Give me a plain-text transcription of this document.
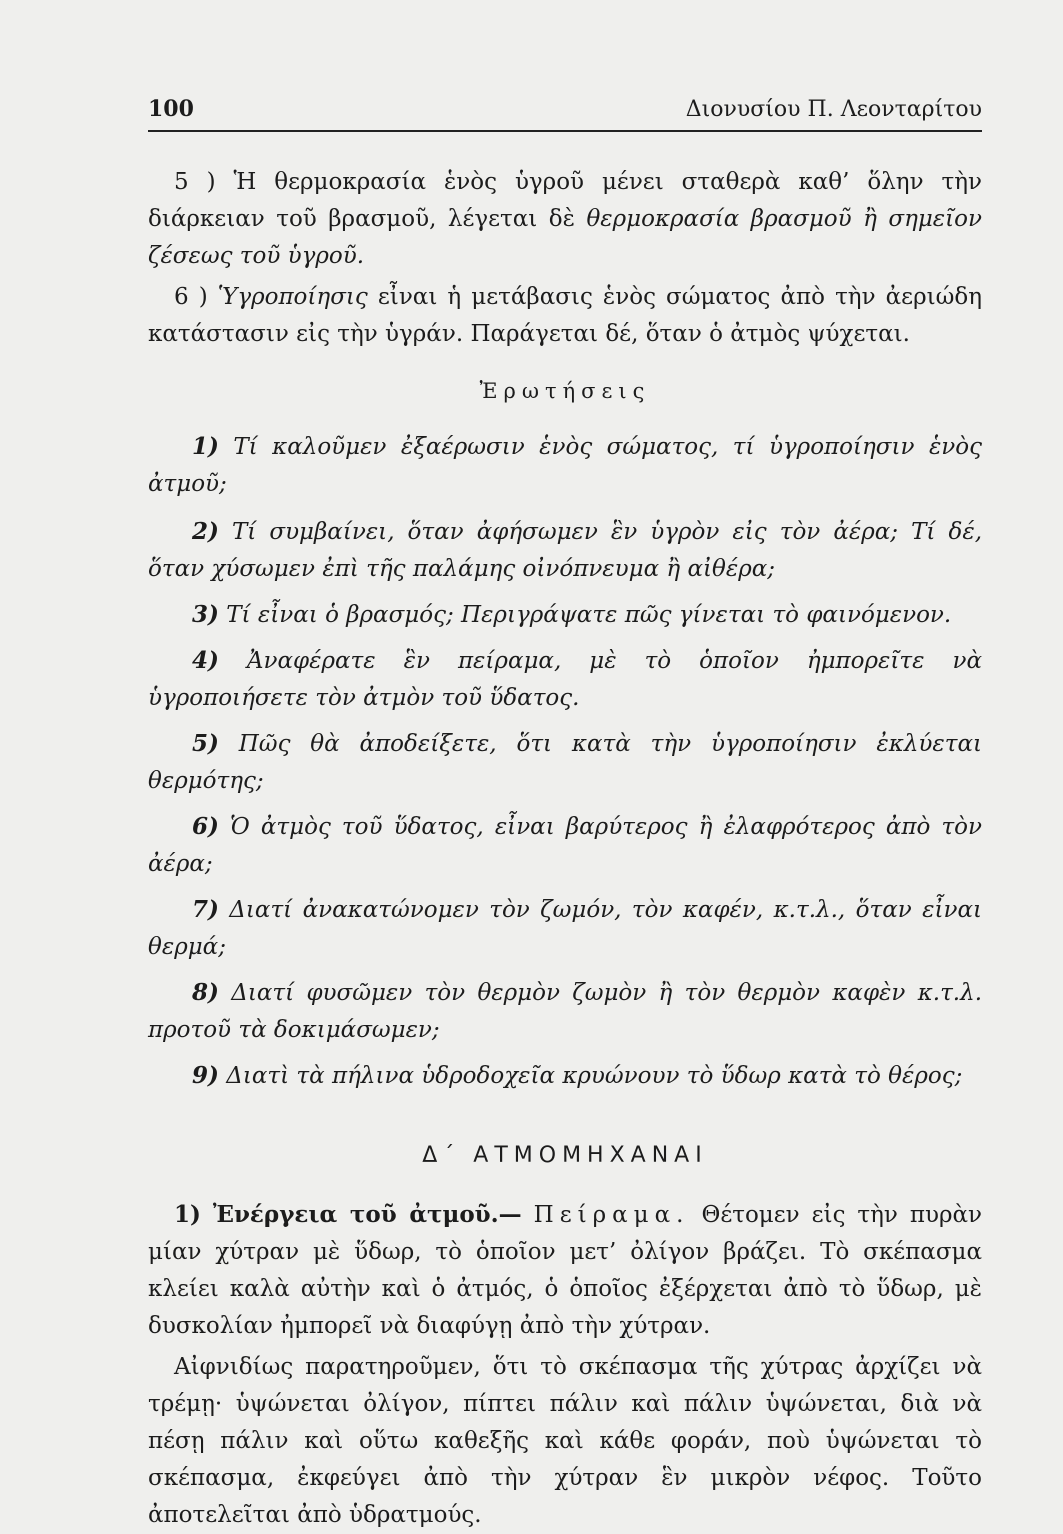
100	Διονυσίου Π. Λεονταρίτου

5 ) Ἡ θερμοκρασία ἑνὸς ὑγροῦ μένει σταθερὰ καθ’ ὅλην τὴν διάρκειαν τοῦ βρασμοῦ, λέγεται δὲ θερμοκρασία βρασμοῦ ἢ σημεῖον ζέσεως τοῦ ὑγροῦ.

6 ) Ὑγροποίησις εἶναι ἡ μετάβασις ἑνὸς σώματος ἀπὸ τὴν ἀεριώδη κατάστασιν εἰς τὴν ὑγράν. Παράγεται δέ, ὅταν ὁ ἀτμὸς ψύχεται.

Ἐρωτήσεις

1) Τί καλοῦμεν ἐξαέρωσιν ἑνὸς σώματος, τί ὑγροποίησιν ἑνὸς ἀτμοῦ;

2) Τί συμβαίνει, ὅταν ἀφήσωμεν ἓν ὑγρὸν εἰς τὸν ἀέρα; Τί δέ, ὅταν χύσωμεν ἐπὶ τῆς παλάμης οἰνόπνευμα ἢ αἰθέρα;

3) Τί εἶναι ὁ βρασμός; Περιγράψατε πῶς γίνεται τὸ φαινόμενον.

4) Ἀναφέρατε ἓν πείραμα, μὲ τὸ ὁποῖον ἠμπορεῖτε νὰ ὑγροποιήσετε τὸν ἀτμὸν τοῦ ὕδατος.

5) Πῶς θὰ ἀποδείξετε, ὅτι κατὰ τὴν ὑγροποίησιν ἐκλύεται θερμότης;

6) Ὁ ἀτμὸς τοῦ ὕδατος, εἶναι βαρύτερος ἢ ἐλαφρότερος ἀπὸ τὸν ἀέρα;

7) Διατί ἀνακατώνομεν τὸν ζωμόν, τὸν καφέν, κ.τ.λ., ὅταν εἶναι θερμά;

8) Διατί φυσῶμεν τὸν θερμὸν ζωμὸν ἢ τὸν θερμὸν καφὲν κ.τ.λ. προτοῦ τὰ δοκιμάσωμεν;

9) Διατὶ τὰ πήλινα ὑδροδοχεῖα κρυώνουν τὸ ὕδωρ κατὰ τὸ θέρος;

Δ΄ ΑΤΜΟΜΗΧΑΝΑΙ

1) Ἐνέργεια τοῦ ἀτμοῦ.— Πείραμα. Θέτομεν εἰς τὴν πυρὰν μίαν χύτραν μὲ ὕδωρ, τὸ ὁποῖον μετ’ ὀλίγον βράζει. Τὸ σκέπασμα κλείει καλὰ αὐτὴν καὶ ὁ ἀτμός, ὁ ὁποῖος ἐξέρχεται ἀπὸ τὸ ὕδωρ, μὲ δυσκολίαν ἠμπορεῖ νὰ διαφύγῃ ἀπὸ τὴν χύτραν.

Αἰφνιδίως παρατηροῦμεν, ὅτι τὸ σκέπασμα τῆς χύτρας ἀρχίζει νὰ τρέμῃ· ὑψώνεται ὀλίγον, πίπτει πάλιν καὶ πάλιν ὑψώνεται, διὰ νὰ πέσῃ πάλιν καὶ οὕτω καθεξῆς καὶ κάθε φοράν, ποὺ ὑψώνεται τὸ σκέπασμα, ἐκφεύγει ἀπὸ τὴν χύτραν ἓν μικρὸν νέφος. Τοῦτο ἀποτελεῖται ἀπὸ ὑδρατμούς.
